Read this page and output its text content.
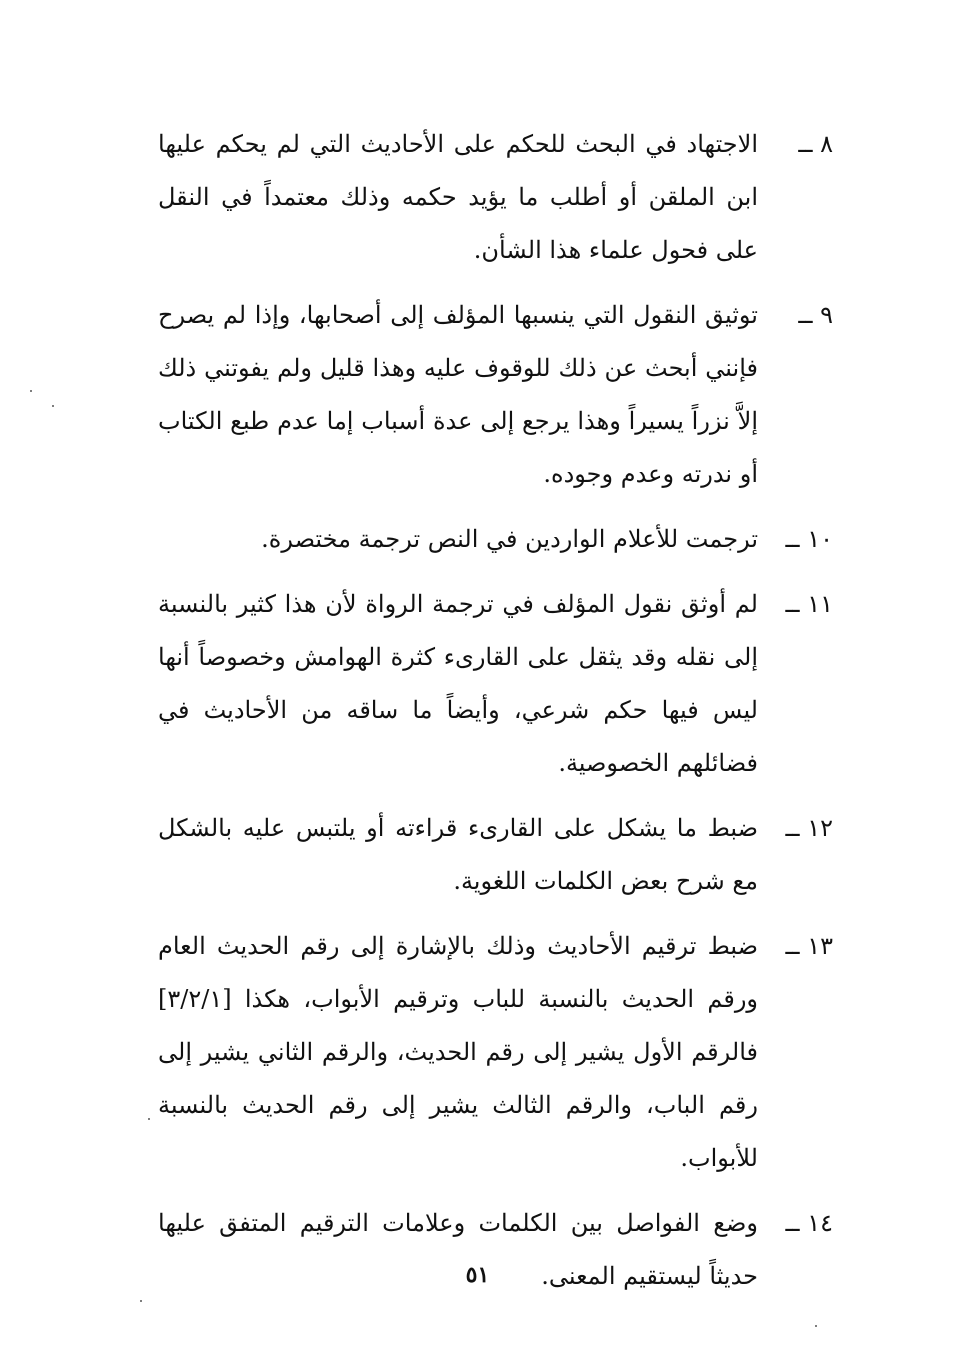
٨ ــ
الاجتهاد في البحث للحكم على الأحاديث التي لم يحكم عليها ابن الملقن أو أطلب ما يؤيد حكمه وذلك معتمداً في النقل على فحول علماء هذا الشأن.
٩ ــ
توثيق النقول التي ينسبها المؤلف إلى أصحابها، وإذا لم يصرح فإنني أبحث عن ذلك للوقوف عليه وهذا قليل ولم يفوتني ذلك إلاَّ نزراً يسيراً وهذا يرجع إلى عدة أسباب إما عدم طبع الكتاب أو ندرته وعدم وجوده.
١٠ ــ
ترجمت للأعلام الواردين في النص ترجمة مختصرة.
١١ ــ
لم أوثق نقول المؤلف في ترجمة الرواة لأن هذا كثير بالنسبة إلى نقله وقد يثقل على القارىء كثرة الهوامش وخصوصاً أنها ليس فيها حكم شرعي، وأيضاً ما ساقه من الأحاديث في فضائلهم الخصوصية.
١٢ ــ
ضبط ما يشكل على القارىء قراءته أو يلتبس عليه بالشكل مع شرح بعض الكلمات اللغوية.
١٣ ــ
ضبط ترقيم الأحاديث وذلك بالإشارة إلى رقم الحديث العام ورقم الحديث بالنسبة للباب وترقيم الأبواب، هكذا [٣/٢/١] فالرقم الأول يشير إلى رقم الحديث، والرقم الثاني يشير إلى رقم الباب، والرقم الثالث يشير إلى رقم الحديث بالنسبة للأبواب.
١٤ ــ
وضع الفواصل بين الكلمات وعلامات الترقيم المتفق عليها حديثاً ليستقيم المعنى.
٥١
